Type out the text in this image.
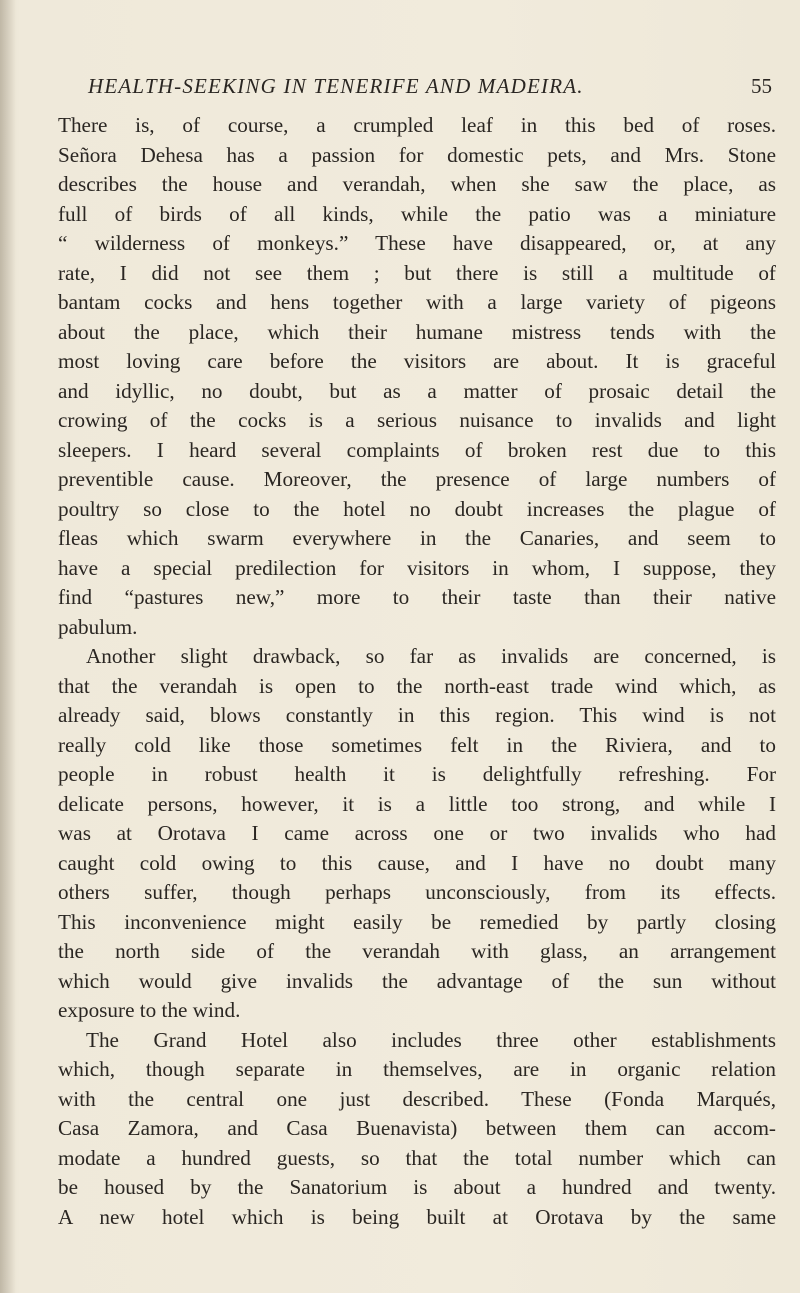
HEALTH-SEEKING IN TENERIFE AND MADEIRA.	55
There is, of course, a crumpled leaf in this bed of roses.
Señora Dehesa has a passion for domestic pets, and Mrs. Stone
describes the house and verandah, when she saw the place, as
full of birds of all kinds, while the patio was a miniature
“ wilderness of monkeys.” These have disappeared, or, at any
rate, I did not see them ; but there is still a multitude of
bantam cocks and hens together with a large variety of pigeons
about the place, which their humane mistress tends with the
most loving care before the visitors are about. It is graceful
and idyllic, no doubt, but as a matter of prosaic detail the
crowing of the cocks is a serious nuisance to invalids and light
sleepers. I heard several complaints of broken rest due to this
preventible cause. Moreover, the presence of large numbers of
poultry so close to the hotel no doubt increases the plague of
fleas which swarm everywhere in the Canaries, and seem to
have a special predilection for visitors in whom, I suppose, they
find “pastures new,” more to their taste than their native
pabulum.
Another slight drawback, so far as invalids are concerned, is
that the verandah is open to the north-east trade wind which, as
already said, blows constantly in this region. This wind is not
really cold like those sometimes felt in the Riviera, and to
people in robust health it is delightfully refreshing. For
delicate persons, however, it is a little too strong, and while I
was at Orotava I came across one or two invalids who had
caught cold owing to this cause, and I have no doubt many
others suffer, though perhaps unconsciously, from its effects.
This inconvenience might easily be remedied by partly closing
the north side of the verandah with glass, an arrangement
which would give invalids the advantage of the sun without
exposure to the wind.
The Grand Hotel also includes three other establishments
which, though separate in themselves, are in organic relation
with the central one just described. These (Fonda Marqués,
Casa Zamora, and Casa Buenavista) between them can accom-
modate a hundred guests, so that the total number which can
be housed by the Sanatorium is about a hundred and twenty.
A new hotel which is being built at Orotava by the same
